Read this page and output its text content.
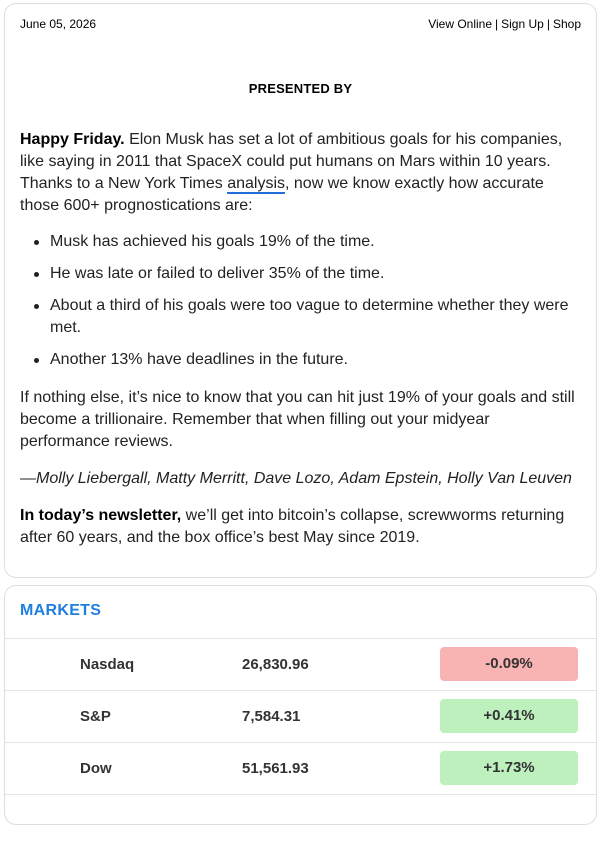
June 05, 2026	View Online | Sign Up | Shop
PRESENTED BY

Happy Friday. Elon Musk has set a lot of ambitious goals for his companies, like saying in 2011 that SpaceX could put humans on Mars within 10 years. Thanks to a New York Times analysis, now we know exactly how accurate those 600+ prognostications are:

Musk has achieved his goals 19% of the time.
He was late or failed to deliver 35% of the time.
About a third of his goals were too vague to determine whether they were met.
Another 13% have deadlines in the future.

If nothing else, it’s nice to know that you can hit just 19% of your goals and still become a trillionaire. Remember that when filling out your midyear performance reviews.

—Molly Liebergall, Matty Merritt, Dave Lozo, Adam Epstein, Holly Van Leuven

In today’s newsletter, we’ll get into bitcoin’s collapse, screwworms returning after 60 years, and the box office’s best May since 2019.

MARKETS
Nasdaq	26,830.96	-0.09%
S&P	7,584.31	+0.41%
Dow	51,561.93	+1.73%
